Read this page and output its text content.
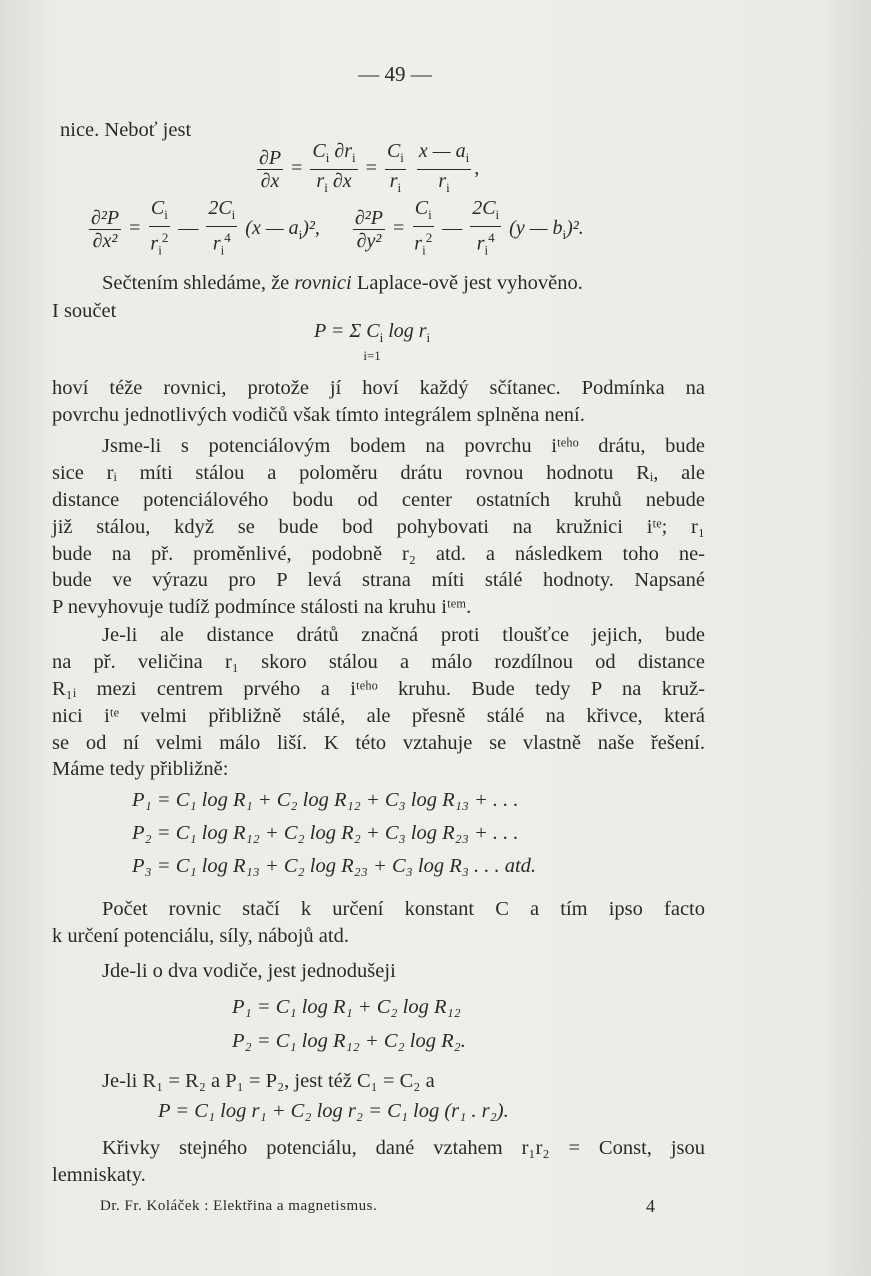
— 49 —
nice. Neboť jest
$\frac{\partial P}{\partial x} = \frac{C_i \partial r_i}{r_i \partial x} = \frac{C_i}{r_i}$
$\frac{x — a_i}{r_i}$ ,
$\frac{\text{∂²P}}{\text{∂x²}} = \frac{C_i}{r_i^2}$ — $\frac{2C_i}{r_i^4} (x$ — $a_i)^2$, $\frac{\text{∂²P}}{\text{∂y²}} = \frac{C_i}{r_i^2}$ — $\frac{2C_i}{r_i^4} (y$ — $b_i)^2$.
Sečtením shledáme, že rovnici Laplace-ově jest vyhověno.
I součet
P = Σ $C_i$ $\log r_i$
i=1
hoví téže rovnici, protože jí hoví každý sčítanec. Podmínka na
povrchu jednotlivých vodičů však tímto integrálem splněna není.
Jsme-li s potenciálovým bodem na povrchu iᵗᵉʰᵒ drátu, bude
sice rᵢ míti stálou a poloměru drátu rovnou hodnotu Rᵢ, ale
distance potenciálového bodu od center ostatních kruhů nebude
již stálou, když se bude bod pohybovati na kružnici iᵗᵉ; r₁
bude na př. proměnlivé, podobně r₂ atd. a následkem toho ne-
bude ve výrazu pro P levá strana míti stálé hodnoty. Napsané
P nevyhovuje tudíž podmínce stálosti na kruhu iᵗᵉᵐ.
Je-li ale distance drátů značná proti tloušťce jejich, bude
na př. veličina r₁ skoro stálou a málo rozdílnou od distance
R₁ᵢ mezi centrem prvého a iᵗᵉʰᵒ kruhu. Bude tedy P na kruž-
nici iᵗᵉ velmi přibližně stálé, ale přesně stálé na křivce, která
se od ní velmi málo liší. K této vztahuje se vlastně naše řešení.
Máme tedy přibližně:
P₁ = C₁ log R₁ + C₂ log R₁₂ + C₃ log R₁₃ + . . .
P₂ = C₁ log R₁₂ + C₂ log R₂ + C₃ log R₂₃ + . . .
P₃ = C₁ log R₁₃ + C₂ log R₂₃ + C₃ log R₃ . . . atd.
Počet rovnic stačí k určení konstant C a tím ipso facto
k určení potenciálu, síly, nábojů atd.
Jde-li o dva vodiče, jest jednodušeji
P₁ = C₁ log R₁ + C₂ log R₁₂
P₂ = C₁ log R₁₂ + C₂ log R₂.
Je-li R₁ = R₂ a P₁ = P₂, jest též C₁ = C₂ a
P = C₁ log r₁ + C₂ log r₂ = C₁ log (r₁ . r₂).
Křivky stejného potenciálu, dané vztahem r₁r₂ = Const, jsou
lemniskaty.
Dr. Fr. Koláček : Elektřina a magnetismus.	4
